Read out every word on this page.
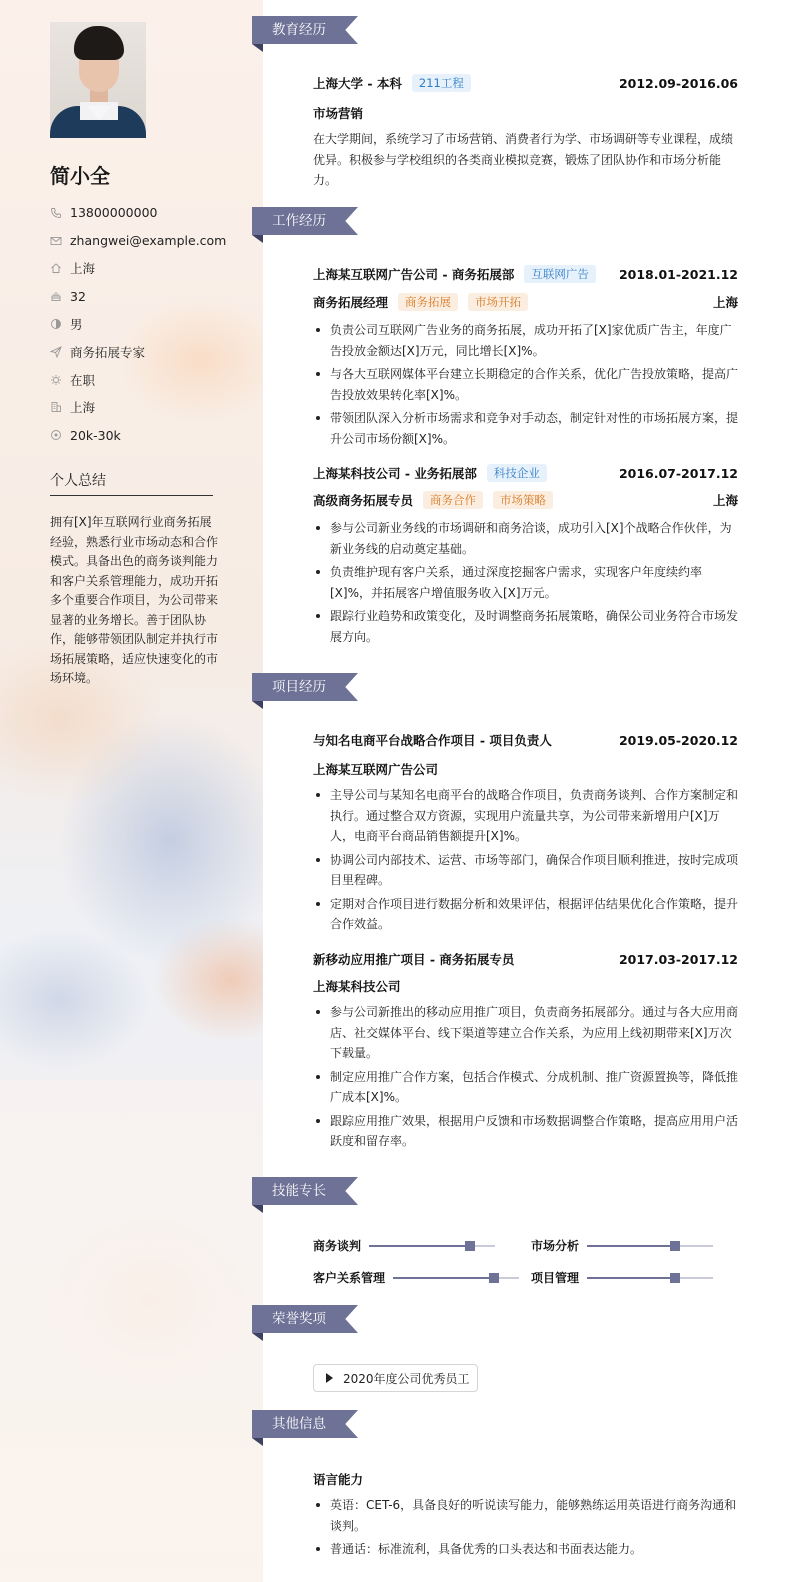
简小全
13800000000
zhangwei@example.com
上海
32
男
商务拓展专家
在职
上海
20k-30k
个人总结
拥有[X]年互联网行业商务拓展经验，熟悉行业市场动态和合作模式。具备出色的商务谈判能力和客户关系管理能力，成功开拓多个重要合作项目，为公司带来显著的业务增长。善于团队协作，能够带领团队制定并执行市场拓展策略，适应快速变化的市场环境。
教育经历
上海大学 - 本科	211工程	2012.09-2016.06
市场营销
在大学期间，系统学习了市场营销、消费者行为学、市场调研等专业课程，成绩优异。积极参与学校组织的各类商业模拟竞赛，锻炼了团队协作和市场分析能力。
工作经历
上海某互联网广告公司 - 商务拓展部	互联网广告	2018.01-2021.12
商务拓展经理	商务拓展	市场开拓	上海
负责公司互联网广告业务的商务拓展，成功开拓了[X]家优质广告主，年度广告投放金额达[X]万元，同比增长[X]%。
与各大互联网媒体平台建立长期稳定的合作关系，优化广告投放策略，提高广告投放效果转化率[X]%。
带领团队深入分析市场需求和竞争对手动态，制定针对性的市场拓展方案，提升公司市场份额[X]%。
上海某科技公司 - 业务拓展部	科技企业	2016.07-2017.12
高级商务拓展专员	商务合作	市场策略	上海
参与公司新业务线的市场调研和商务洽谈，成功引入[X]个战略合作伙伴，为新业务线的启动奠定基础。
负责维护现有客户关系，通过深度挖掘客户需求，实现客户年度续约率[X]%，并拓展客户增值服务收入[X]万元。
跟踪行业趋势和政策变化，及时调整商务拓展策略，确保公司业务符合市场发展方向。
项目经历
与知名电商平台战略合作项目 - 项目负责人	2019.05-2020.12
上海某互联网广告公司
主导公司与某知名电商平台的战略合作项目，负责商务谈判、合作方案制定和执行。通过整合双方资源，实现用户流量共享，为公司带来新增用户[X]万人，电商平台商品销售额提升[X]%。
协调公司内部技术、运营、市场等部门，确保合作项目顺利推进，按时完成项目里程碑。
定期对合作项目进行数据分析和效果评估，根据评估结果优化合作策略，提升合作效益。
新移动应用推广项目 - 商务拓展专员	2017.03-2017.12
上海某科技公司
参与公司新推出的移动应用推广项目，负责商务拓展部分。通过与各大应用商店、社交媒体平台、线下渠道等建立合作关系，为应用上线初期带来[X]万次下载量。
制定应用推广合作方案，包括合作模式、分成机制、推广资源置换等，降低推广成本[X]%。
跟踪应用推广效果，根据用户反馈和市场数据调整合作策略，提高应用用户活跃度和留存率。
技能专长
商务谈判	市场分析
客户关系管理	项目管理
荣誉奖项
2020年度公司优秀员工
其他信息
语言能力
英语：CET-6，具备良好的听说读写能力，能够熟练运用英语进行商务沟通和谈判。
普通话：标准流利，具备优秀的口头表达和书面表达能力。
